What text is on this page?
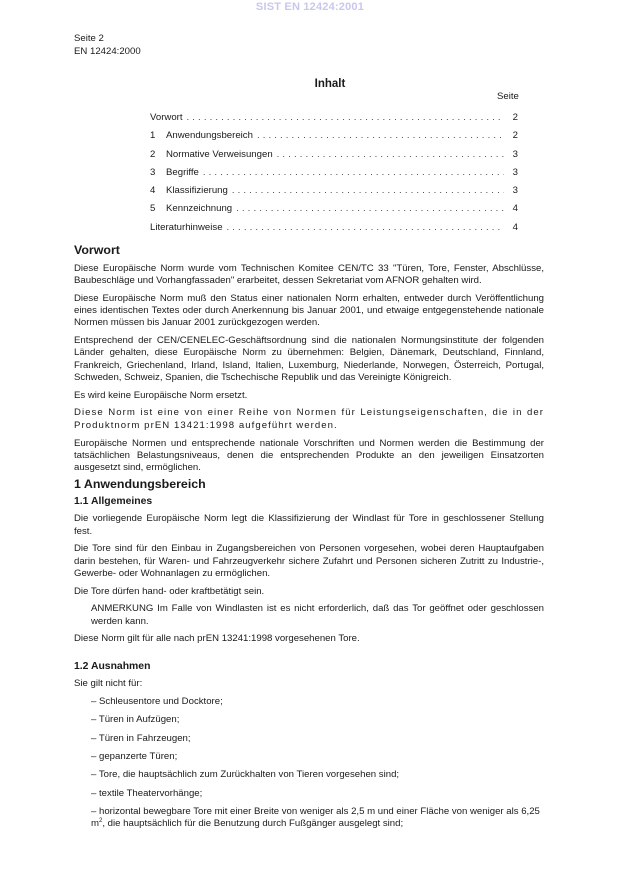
SIST EN 12424:2001
Seite 2
EN 12424:2000
Inhalt
Seite
Vorwort .....	2
1	Anwendungsbereich .....	2
2	Normative Verweisungen .....	3
3	Begriffe .....	3
4	Klassifizierung .....	3
5	Kennzeichnung .....	4
Literaturhinweise .....	4
Vorwort

Diese Europäische Norm wurde vom Technischen Komitee CEN/TC 33 "Türen, Tore, Fenster, Abschlüsse, Baubeschläge und Vorhangfassaden" erarbeitet, dessen Sekretariat vom AFNOR gehalten wird.

Diese Europäische Norm muß den Status einer nationalen Norm erhalten, entweder durch Veröffentlichung eines identischen Textes oder durch Anerkennung bis Januar 2001, und etwaige entgegenstehende nationale Normen müssen bis Januar 2001 zurückgezogen werden.

Entsprechend der CEN/CENELEC-Geschäftsordnung sind die nationalen Normungsinstitute der folgenden Länder gehalten, diese Europäische Norm zu übernehmen: Belgien, Dänemark, Deutschland, Finnland, Frankreich, Griechenland, Irland, Island, Italien, Luxemburg, Niederlande, Norwegen, Österreich, Portugal, Schweden, Schweiz, Spanien, die Tschechische Republik und das Vereinigte Königreich.

Es wird keine Europäische Norm ersetzt.

Diese Norm ist eine von einer Reihe von Normen für Leistungseigenschaften, die in der Produktnorm prEN 13421:1998 aufgeführt werden.

Europäische Normen und entsprechende nationale Vorschriften und Normen werden die Bestimmung der tatsächlichen Belastungsniveaus, denen die entsprechenden Produkte an den jeweiligen Einsatzorten ausgesetzt sind, ermöglichen.

1 Anwendungsbereich
1.1 Allgemeines

Die vorliegende Europäische Norm legt die Klassifizierung der Windlast für Tore in geschlossener Stellung fest.

Die Tore sind für den Einbau in Zugangsbereichen von Personen vorgesehen, wobei deren Hauptaufgaben darin bestehen, für Waren- und Fahrzeugverkehr sichere Zufahrt und Personen sicheren Zutritt zu Industrie-, Gewerbe- oder Wohnanlagen zu ermöglichen.

Die Tore dürfen hand- oder kraftbetätigt sein.

ANMERKUNG Im Falle von Windlasten ist es nicht erforderlich, daß das Tor geöffnet oder geschlossen werden kann.

Diese Norm gilt für alle nach prEN 13241:1998 vorgesehenen Tore.

1.2 Ausnahmen

Sie gilt nicht für:

– Schleusentore und Docktore;
– Türen in Aufzügen;
– Türen in Fahrzeugen;
– gepanzerte Türen;
– Tore, die hauptsächlich zum Zurückhalten von Tieren vorgesehen sind;
– textile Theatervorhänge;
– horizontal bewegbare Tore mit einer Breite von weniger als 2,5 m und einer Fläche von weniger als 6,25 $m^2$, die hauptsächlich für die Benutzung durch Fußgänger ausgelegt sind;
